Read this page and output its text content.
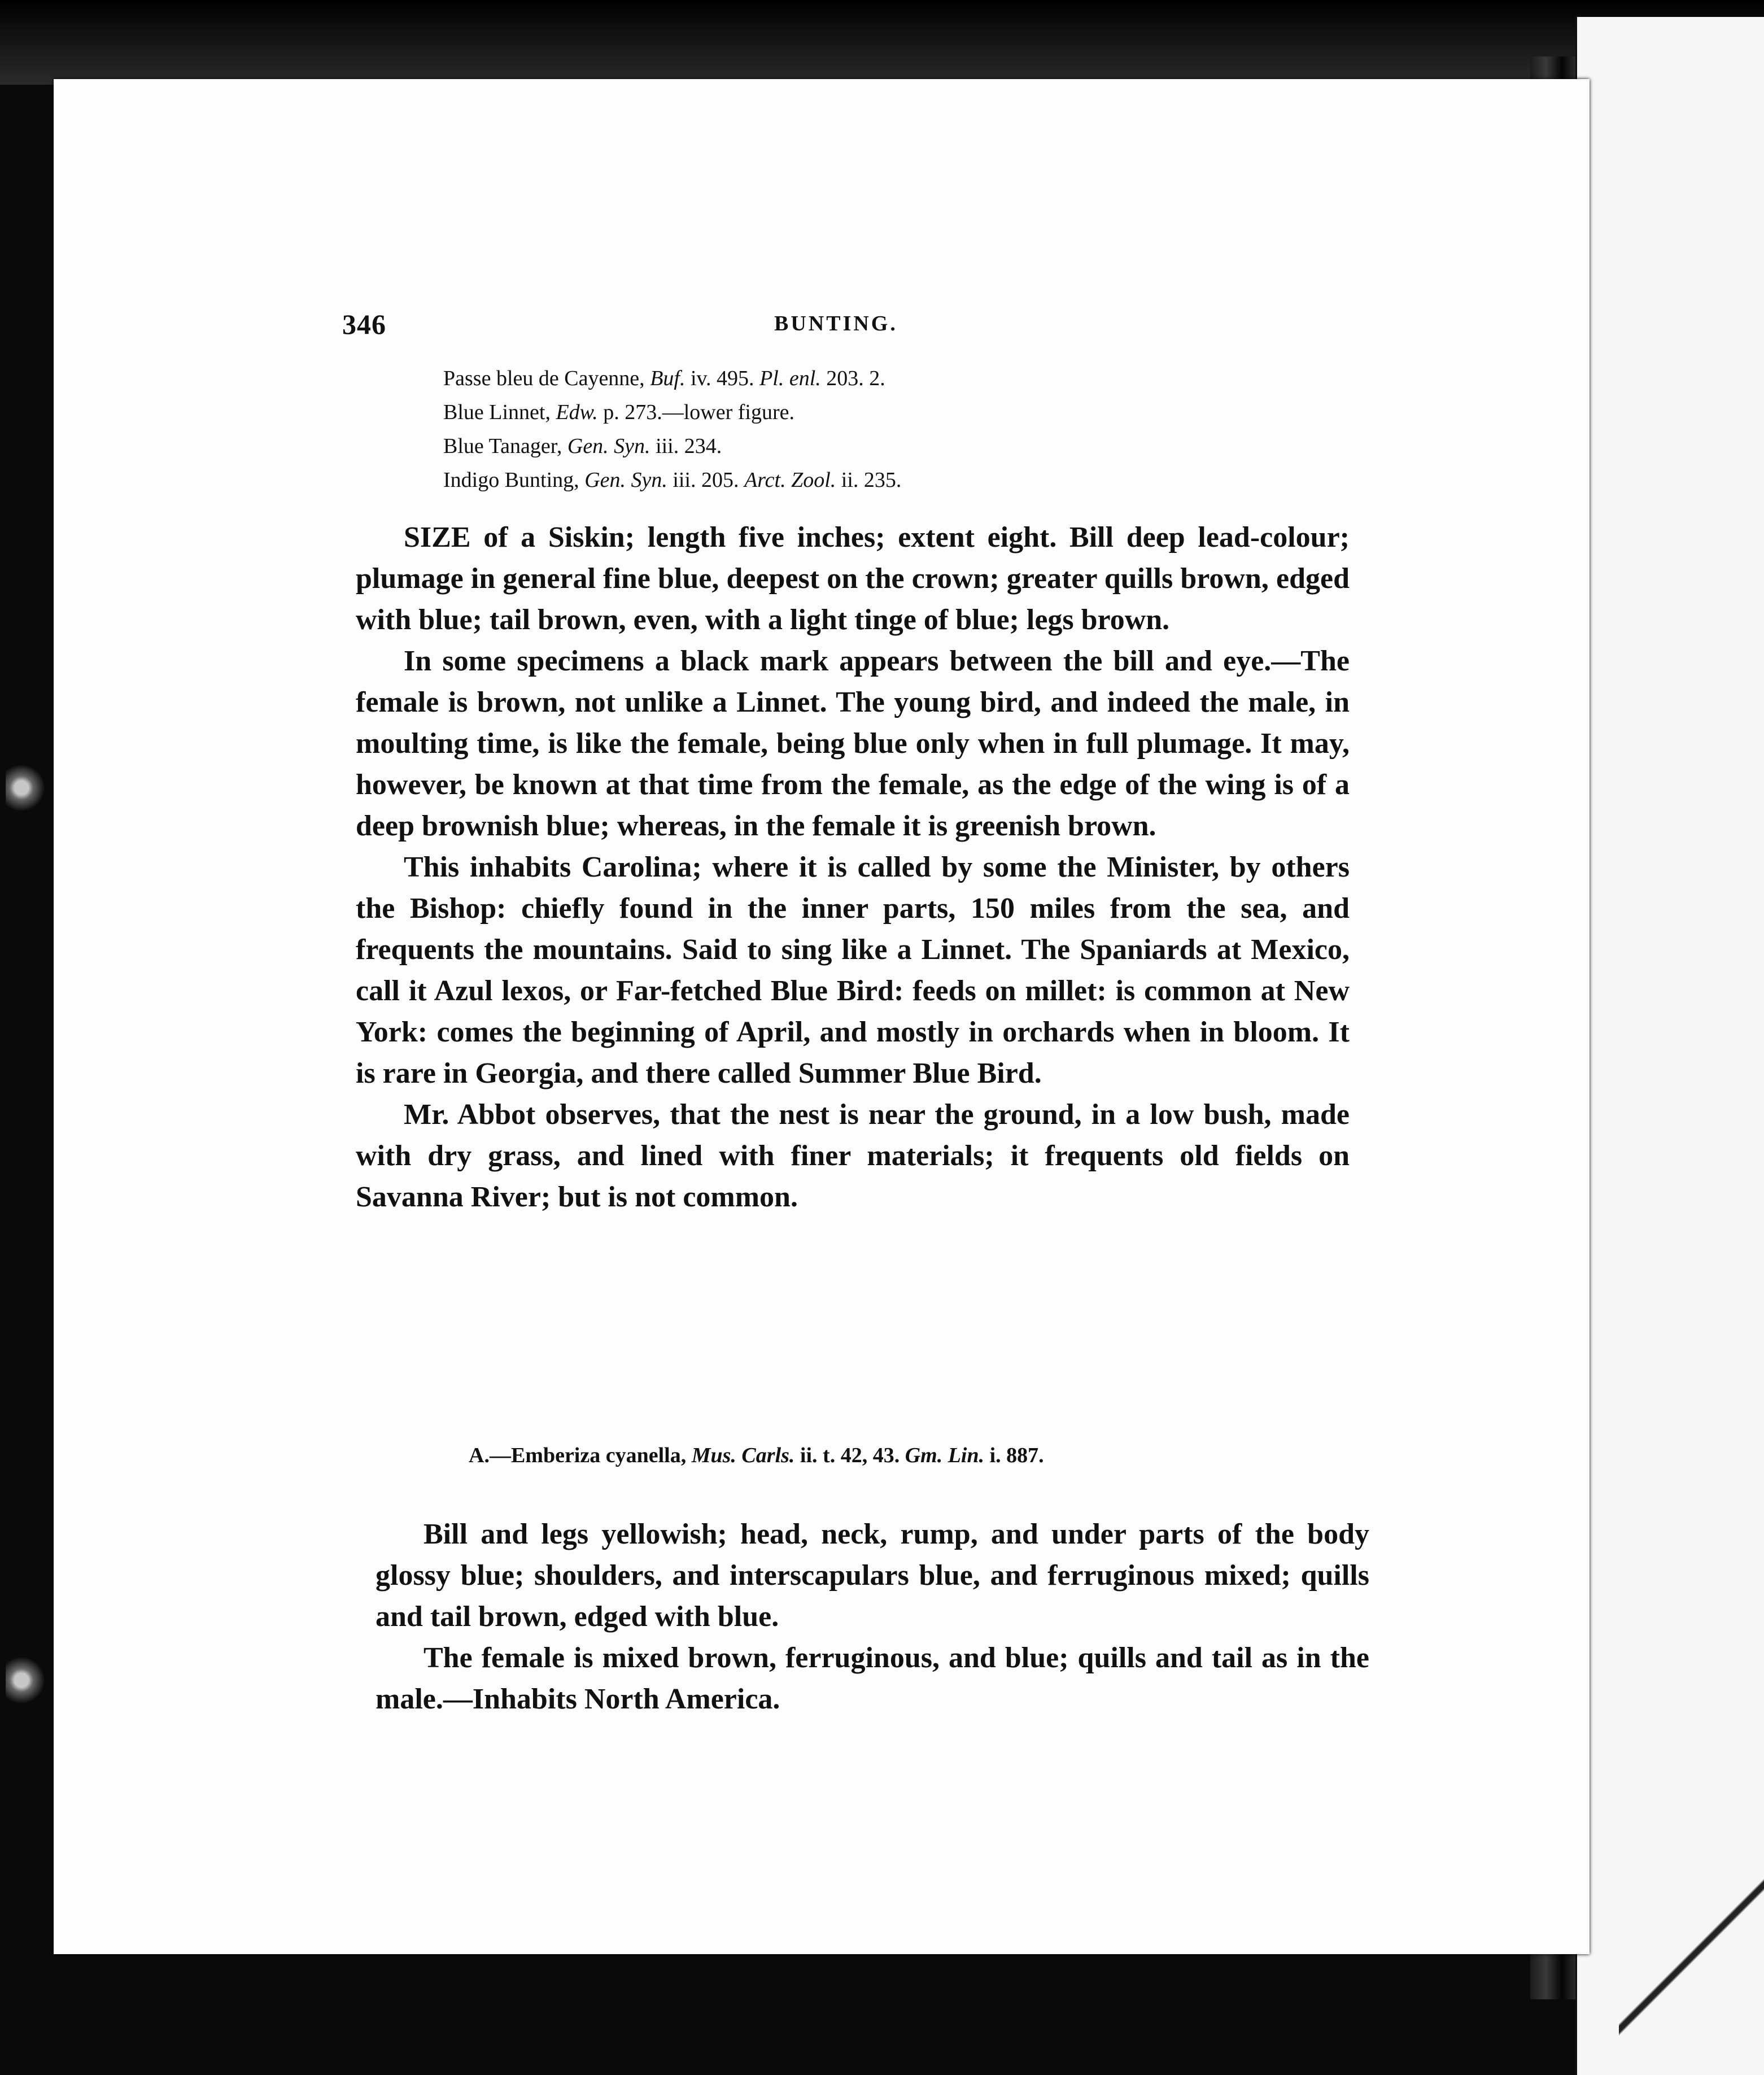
346	BUNTING.
Passe bleu de Cayenne, Buf. iv. 495. Pl. enl. 203. 2.
Blue Linnet, Edw. p. 273.—lower figure.
Blue Tanager, Gen. Syn. iii. 234.
Indigo Bunting, Gen. Syn. iii. 205. Arct. Zool. ii. 235.

SIZE of a Siskin; length five inches; extent eight. Bill deep lead-colour; plumage in general fine blue, deepest on the crown; greater quills brown, edged with blue; tail brown, even, with a light tinge of blue; legs brown.

In some specimens a black mark appears between the bill and eye.—The female is brown, not unlike a Linnet. The young bird, and indeed the male, in moulting time, is like the female, being blue only when in full plumage. It may, however, be known at that time from the female, as the edge of the wing is of a deep brownish blue; whereas, in the female it is greenish brown.

This inhabits Carolina; where it is called by some the Minister, by others the Bishop: chiefly found in the inner parts, 150 miles from the sea, and frequents the mountains. Said to sing like a Linnet. The Spaniards at Mexico, call it Azul lexos, or Far-fetched Blue Bird: feeds on millet: is common at New York: comes the beginning of April, and mostly in orchards when in bloom. It is rare in Georgia, and there called Summer Blue Bird.

Mr. Abbot observes, that the nest is near the ground, in a low bush, made with dry grass, and lined with finer materials; it frequents old fields on Savanna River; but is not common.

A.—Emberiza cyanella, Mus. Carls. ii. t. 42, 43. Gm. Lin. i. 887.

Bill and legs yellowish; head, neck, rump, and under parts of the body glossy blue; shoulders, and interscapulars blue, and ferruginous mixed; quills and tail brown, edged with blue.

The female is mixed brown, ferruginous, and blue; quills and tail as in the male.—Inhabits North America.
